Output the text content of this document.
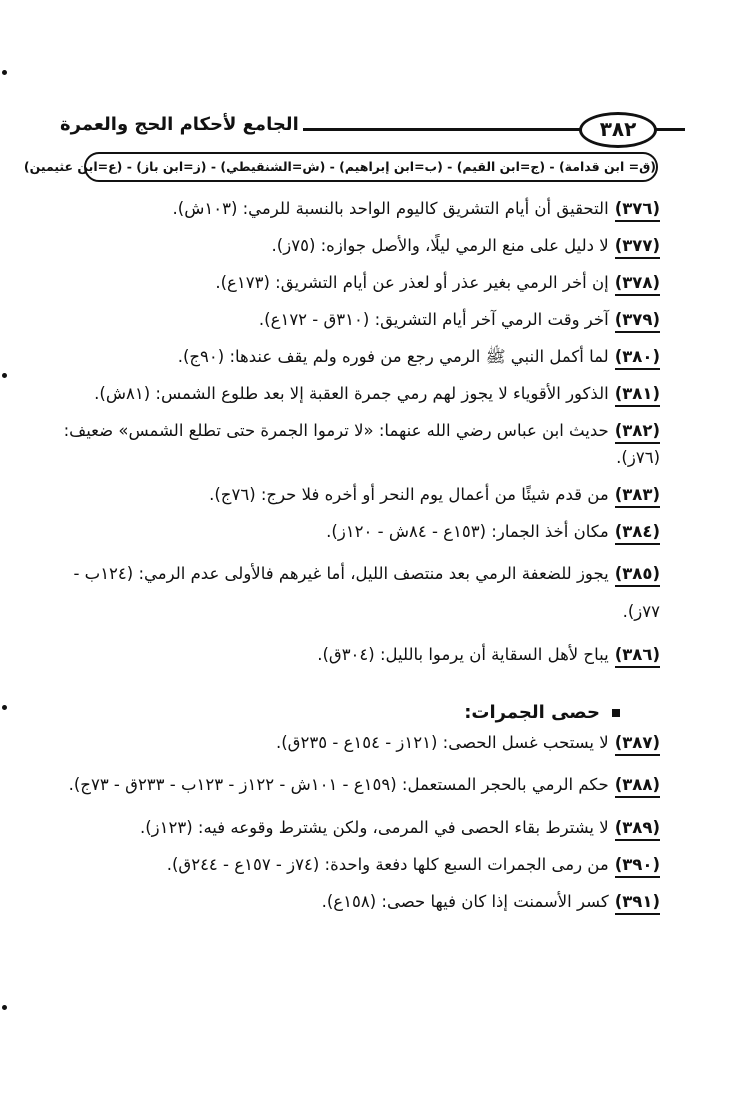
الجامع لأحكام الحج والعمرة	٣٨٢
(ق= ابن قدامة) - (ج=ابن القيم) - (ب=ابن إبراهيم) - (ش=الشنقيطي) - (ز=ابن باز) - (ع=ابن عثيمين)
(٣٧٦)التحقيق أن أيام التشريق كاليوم الواحد بالنسبة للرمي: (١٠٣ش).
(٣٧٧)لا دليل على منع الرمي ليلًا، والأصل جوازه: (٧٥ز).
(٣٧٨)إن أخر الرمي بغير عذر أو لعذر عن أيام التشريق: (١٧٣ع).
(٣٧٩)آخر وقت الرمي آخر أيام التشريق: (٣١٠ق - ١٧٢ع).
(٣٨٠)لما أكمل النبي ﷺ الرمي رجع من فوره ولم يقف عندها: (٩٠ج).
(٣٨١)الذكور الأقوياء لا يجوز لهم رمي جمرة العقبة إلا بعد طلوع الشمس: (٨١ش).
(٣٨٢)حديث ابن عباس رضي الله عنهما: «لا ترموا الجمرة حتى تطلع الشمس» ضعيف: (٧٦ز).
(٣٨٣)من قدم شيئًا من أعمال يوم النحر أو أخره فلا حرج: (٧٦ج).
(٣٨٤)مكان أخذ الجمار: (١٥٣ع - ٨٤ش - ١٢٠ز).
(٣٨٥)يجوز للضعفة الرمي بعد منتصف الليل، أما غيرهم فالأولى عدم الرمي: (١٢٤ب - ٧٧ز).
(٣٨٦)يباح لأهل السقاية أن يرموا بالليل: (٣٠٤ق).
حصى الجمرات:
(٣٨٧)لا يستحب غسل الحصى: (١٢١ز - ١٥٤ع - ٢٣٥ق).
(٣٨٨)حكم الرمي بالحجر المستعمل: (١٥٩ع - ١٠١ش - ١٢٢ز - ١٢٣ب - ٢٣٣ق - ٧٣ج).
(٣٨٩)لا يشترط بقاء الحصى في المرمى، ولكن يشترط وقوعه فيه: (١٢٣ز).
(٣٩٠)من رمى الجمرات السبع كلها دفعة واحدة: (٧٤ز - ١٥٧ع - ٢٤٤ق).
(٣٩١)كسر الأسمنت إذا كان فيها حصى: (١٥٨ع).
